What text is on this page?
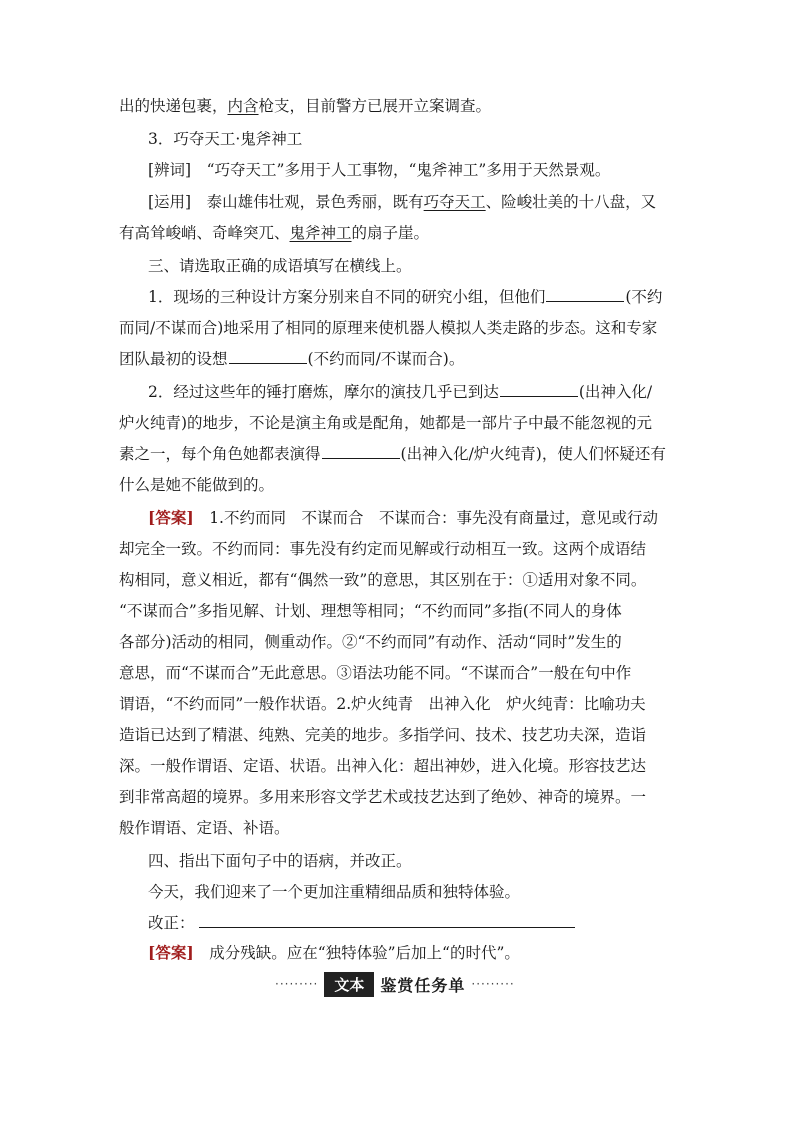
出的快递包裹，内含枪支，目前警方已展开立案调查。
3．巧夺天工·鬼斧神工
[辨词]　 “巧夺天工”多用于人工事物，“鬼斧神工”多用于天然景观。
[运用]　 泰山雄伟壮观，景色秀丽，既有巧夺天工、险峻壮美的十八盘，又
有高耸峻峭、奇峰突兀、鬼斧神工的扇子崖。
三、请选取正确的成语填写在横线上。
1．现场的三种设计方案分别来自不同的研究小组，但他们	(不约
而同/不谋而合)地采用了相同的原理来使机器人模拟人类走路的步态。这和专家
团队最初的设想	(不约而同/不谋而合)。
2．经过这些年的锤打磨炼，摩尔的演技几乎已到达	(出神入化/
炉火纯青)的地步，不论是演主角或是配角，她都是一部片子中最不能忽视的元
素之一，每个角色她都表演得	(出神入化/炉火纯青)，使人们怀疑还有
什么是她不能做到的。
[答案]　 1.不约而同　不谋而合　不谋而合：事先没有商量过，意见或行动
却完全一致。不约而同：事先没有约定而见解或行动相互一致。这两个成语结
构相同，意义相近，都有“偶然一致”的意思，其区别在于：①适用对象不同。
“不谋而合”多指见解、计划、理想等相同；“不约而同”多指(不同人的身体
各部分)活动的相同，侧重动作。②“不约而同”有动作、活动“同时”发生的
意思，而“不谋而合”无此意思。③语法功能不同。“不谋而合”一般在句中作
谓语，“不约而同”一般作状语。2.炉火纯青　出神入化　炉火纯青：比喻功夫
造诣已达到了精湛、纯熟、完美的地步。多指学问、技术、技艺功夫深，造诣
深。一般作谓语、定语、状语。出神入化：超出神妙，进入化境。形容技艺达
到非常高超的境界。多用来形容文学艺术或技艺达到了绝妙、神奇的境界。一
般作谓语、定语、补语。
四、指出下面句子中的语病，并改正。
今天，我们迎来了一个更加注重精细品质和独特体验。
改正：
[答案]　 成分残缺。应在“独特体验”后加上“的时代”。
·········	文本	鉴赏任务单 ·········
